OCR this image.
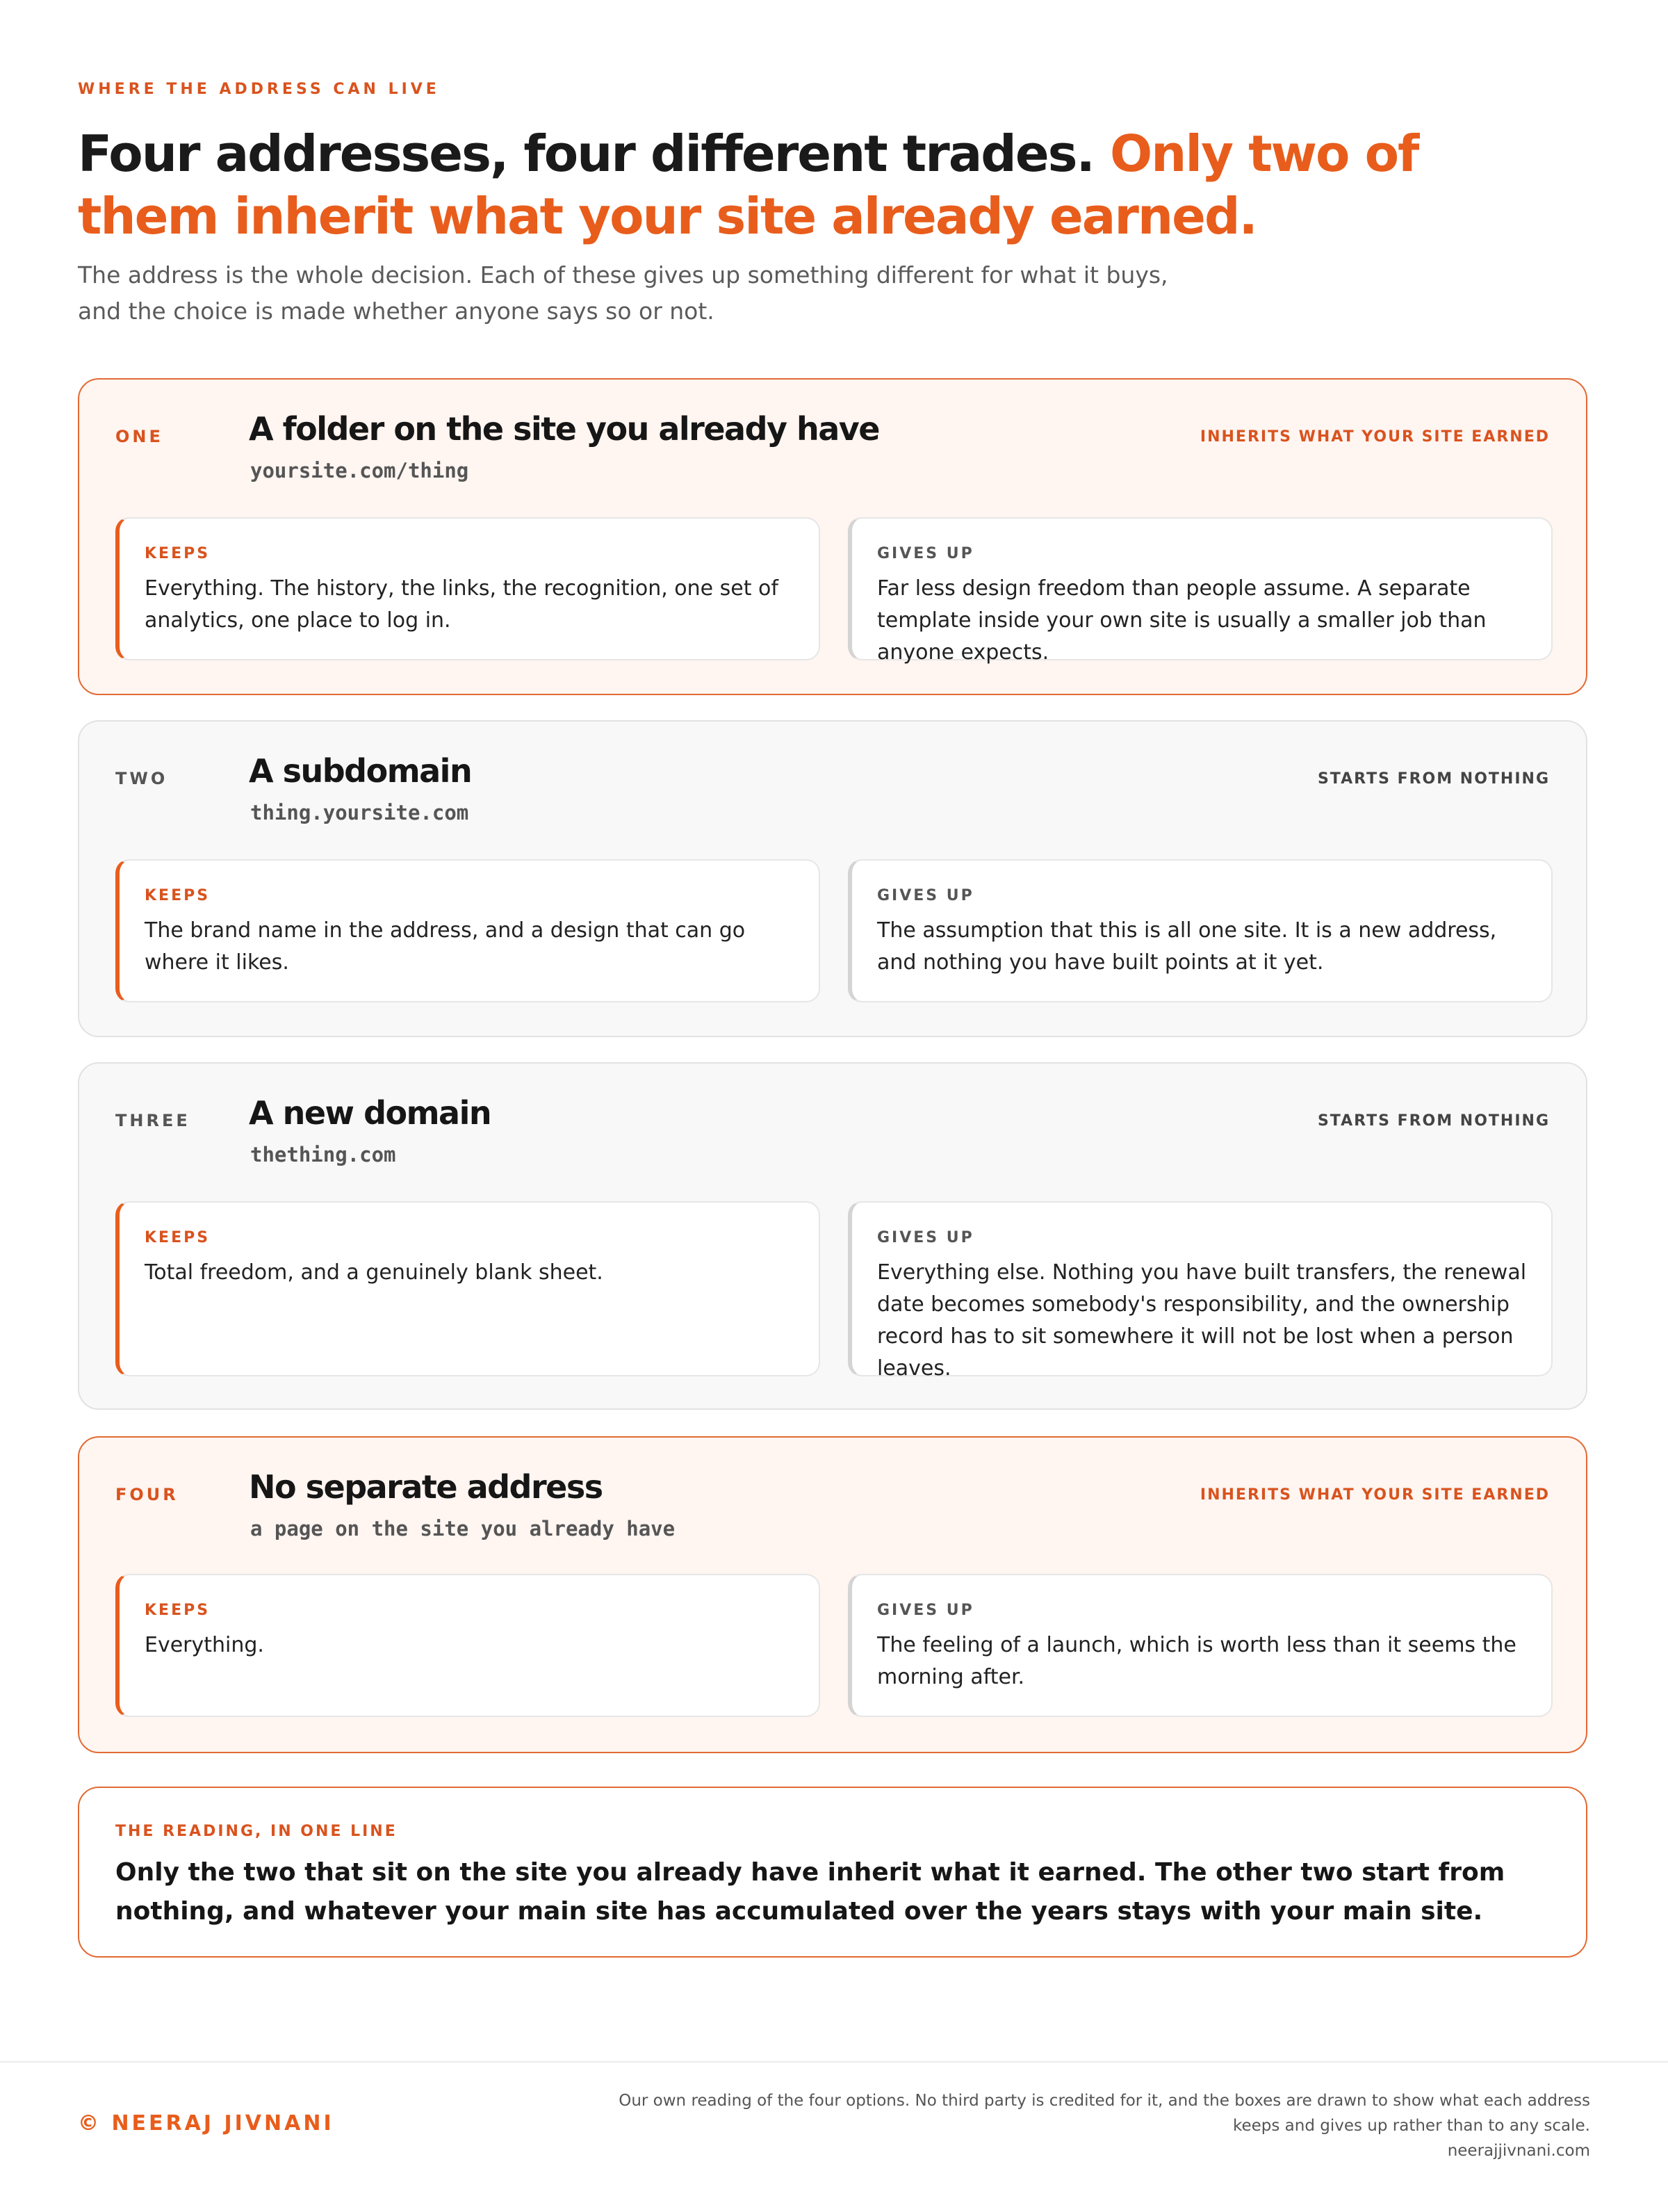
WHERE THE ADDRESS CAN LIVE
Four addresses, four different trades. Only two of them inherit what your site already earned.
The address is the whole decision. Each of these gives up something different for what it buys, and the choice is made whether anyone says so or not.
ONE	A folder on the site you already have
yoursite.com/thing
INHERITS WHAT YOUR SITE EARNED
KEEPS
Everything. The history, the links, the recognition, one set of analytics, one place to log in.
GIVES UP
Far less design freedom than people assume. A separate template inside your own site is usually a smaller job than anyone expects.
TWO	A subdomain
thing.yoursite.com
STARTS FROM NOTHING
KEEPS
The brand name in the address, and a design that can go where it likes.
GIVES UP
The assumption that this is all one site. It is a new address, and nothing you have built points at it yet.
THREE A new domain
thething.com
STARTS FROM NOTHING
KEEPS
Total freedom, and a genuinely blank sheet.
GIVES UP
Everything else. Nothing you have built transfers, the renewal date becomes somebody's responsibility, and the ownership record has to sit somewhere it will not be lost when a person leaves.
FOUR No separate address
a page on the site you already have
INHERITS WHAT YOUR SITE EARNED
KEEPS
Everything.
GIVES UP
The feeling of a launch, which is worth less than it seems the morning after.
THE READING, IN ONE LINE
Only the two that sit on the site you already have inherit what it earned. The other two start from nothing, and whatever your main site has accumulated over the years stays with your main site.
© NEERAJ JIVNANI
Our own reading of the four options. No third party is credited for it, and the boxes are drawn to show what each address keeps and gives up rather than to any scale.
neerajjivnani.com
